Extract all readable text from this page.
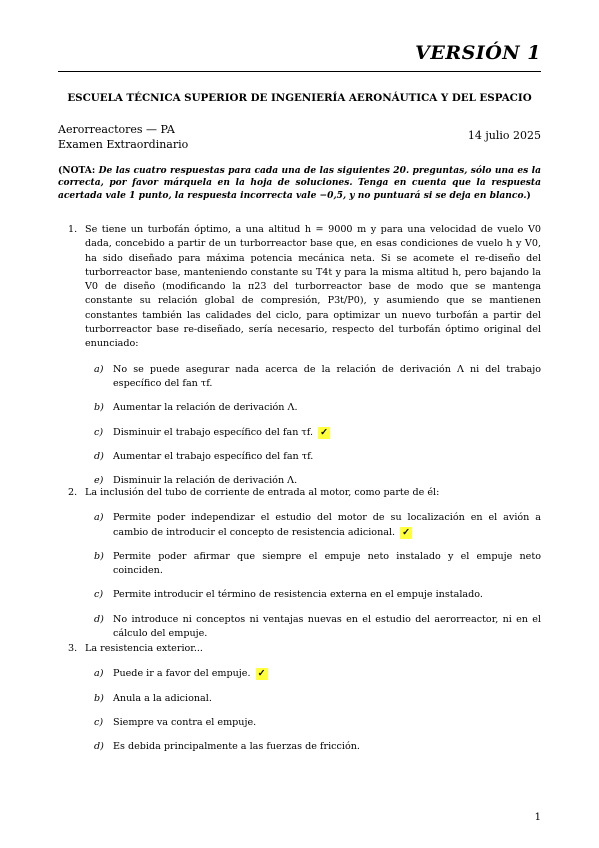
VERSIÓN 1
ESCUELA TÉCNICA SUPERIOR DE INGENIERÍA AERONÁUTICA Y DEL ESPACIO
Aerorreactores — PA
Examen Extraordinario
14 julio 2025
(NOTA: De las cuatro respuestas para cada una de las siguientes 20. preguntas, sólo una es la correcta, por favor márquela en la hoja de soluciones. Tenga en cuenta que la respuesta acertada vale 1 punto, la respuesta incorrecta vale −0,5, y no puntuará si se deja en blanco.)
1. Se tiene un turbofán óptimo, a una altitud h = 9000 m y para una velocidad de vuelo V0 dada, concebido a partir de un turborreactor base que, en esas condiciones de vuelo h y V0, ha sido diseñado para máxima potencia mecánica neta. Si se acomete el re-diseño del turborreactor base, manteniendo constante su T4t y para la misma altitud h, pero bajando la V0 de diseño (modificando la π23 del turborreactor base de modo que se mantenga constante su relación global de compresión, P3t/P0), y asumiendo que se mantienen constantes también las calidades del ciclo, para optimizar un nuevo turbofán a partir del turborreactor base re-diseñado, sería necesario, respecto del turbofán óptimo original del enunciado:
a) No se puede asegurar nada acerca de la relación de derivación Λ ni del trabajo específico del fan τf.
b) Aumentar la relación de derivación Λ.
c) Disminuir el trabajo específico del fan τf. ✓
d) Aumentar el trabajo específico del fan τf.
e) Disminuir la relación de derivación Λ.
2. La inclusión del tubo de corriente de entrada al motor, como parte de él:
a) Permite poder independizar el estudio del motor de su localización en el avión a cambio de introducir el concepto de resistencia adicional. ✓
b) Permite poder afirmar que siempre el empuje neto instalado y el empuje neto coinciden.
c) Permite introducir el término de resistencia externa en el empuje instalado.
d) No introduce ni conceptos ni ventajas nuevas en el estudio del aerorreactor, ni en el cálculo del empuje.
3. La resistencia exterior...
a) Puede ir a favor del empuje. ✓
b) Anula a la adicional.
c) Siempre va contra el empuje.
d) Es debida principalmente a las fuerzas de fricción.
1
